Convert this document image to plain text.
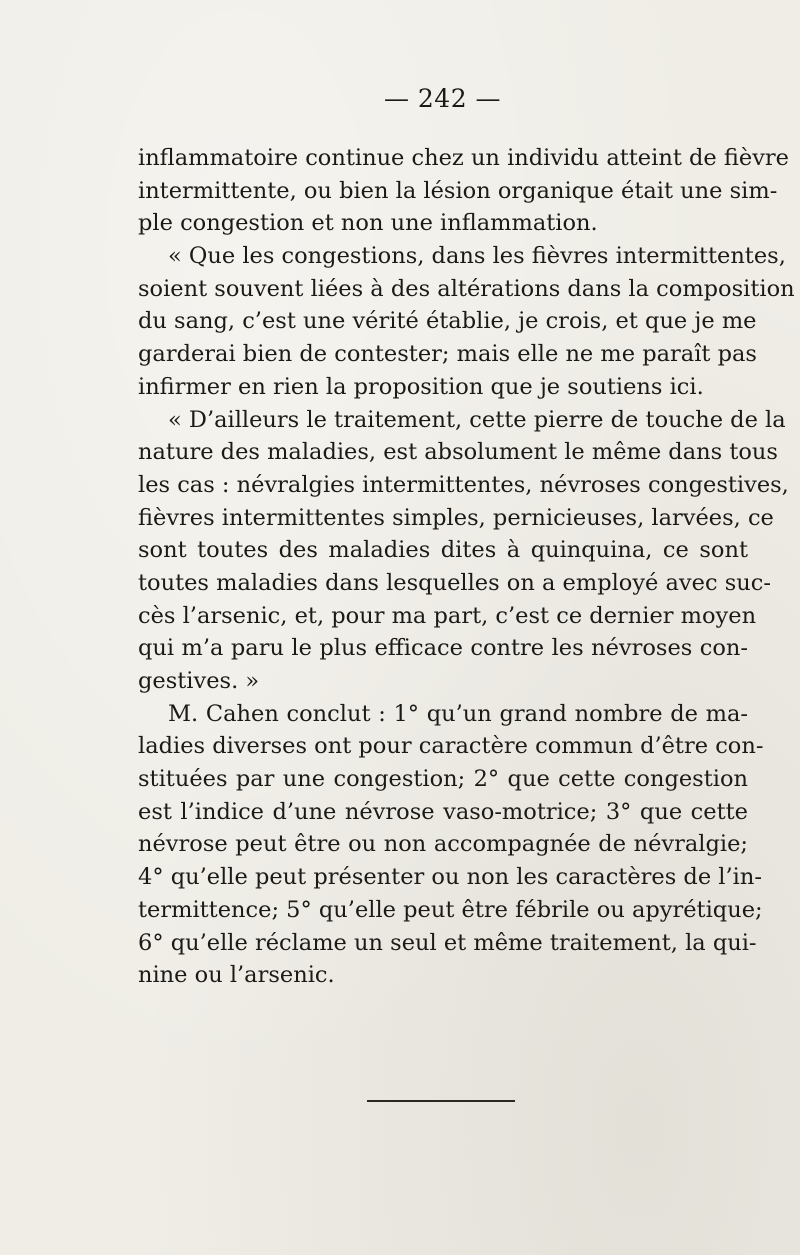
— 242 —
inflammatoire continue chez un individu atteint de fièvre
intermittente, ou bien la lésion organique était une sim-
ple congestion et non une inflammation.
« Que les congestions, dans les fièvres intermittentes,
soient souvent liées à des altérations dans la composition
du sang, c’est une vérité établie, je crois, et que je me
garderai bien de contester; mais elle ne me paraît pas
infirmer en rien la proposition que je soutiens ici.
« D’ailleurs le traitement, cette pierre de touche de la
nature des maladies, est absolument le même dans tous
les cas : névralgies intermittentes, névroses congestives,
fièvres intermittentes simples, pernicieuses, larvées, ce
sont toutes des maladies dites à quinquina, ce sont
toutes maladies dans lesquelles on a employé avec suc-
cès l’arsenic, et, pour ma part, c’est ce dernier moyen
qui m’a paru le plus efficace contre les névroses con-
gestives. »
M. Cahen conclut : 1° qu’un grand nombre de ma-
ladies diverses ont pour caractère commun d’être con-
stituées par une congestion; 2° que cette congestion
est l’indice d’une névrose vaso-motrice; 3° que cette
névrose peut être ou non accompagnée de névralgie;
4° qu’elle peut présenter ou non les caractères de l’in-
termittence; 5° qu’elle peut être fébrile ou apyrétique;
6° qu’elle réclame un seul et même traitement, la qui-
nine ou l’arsenic.
